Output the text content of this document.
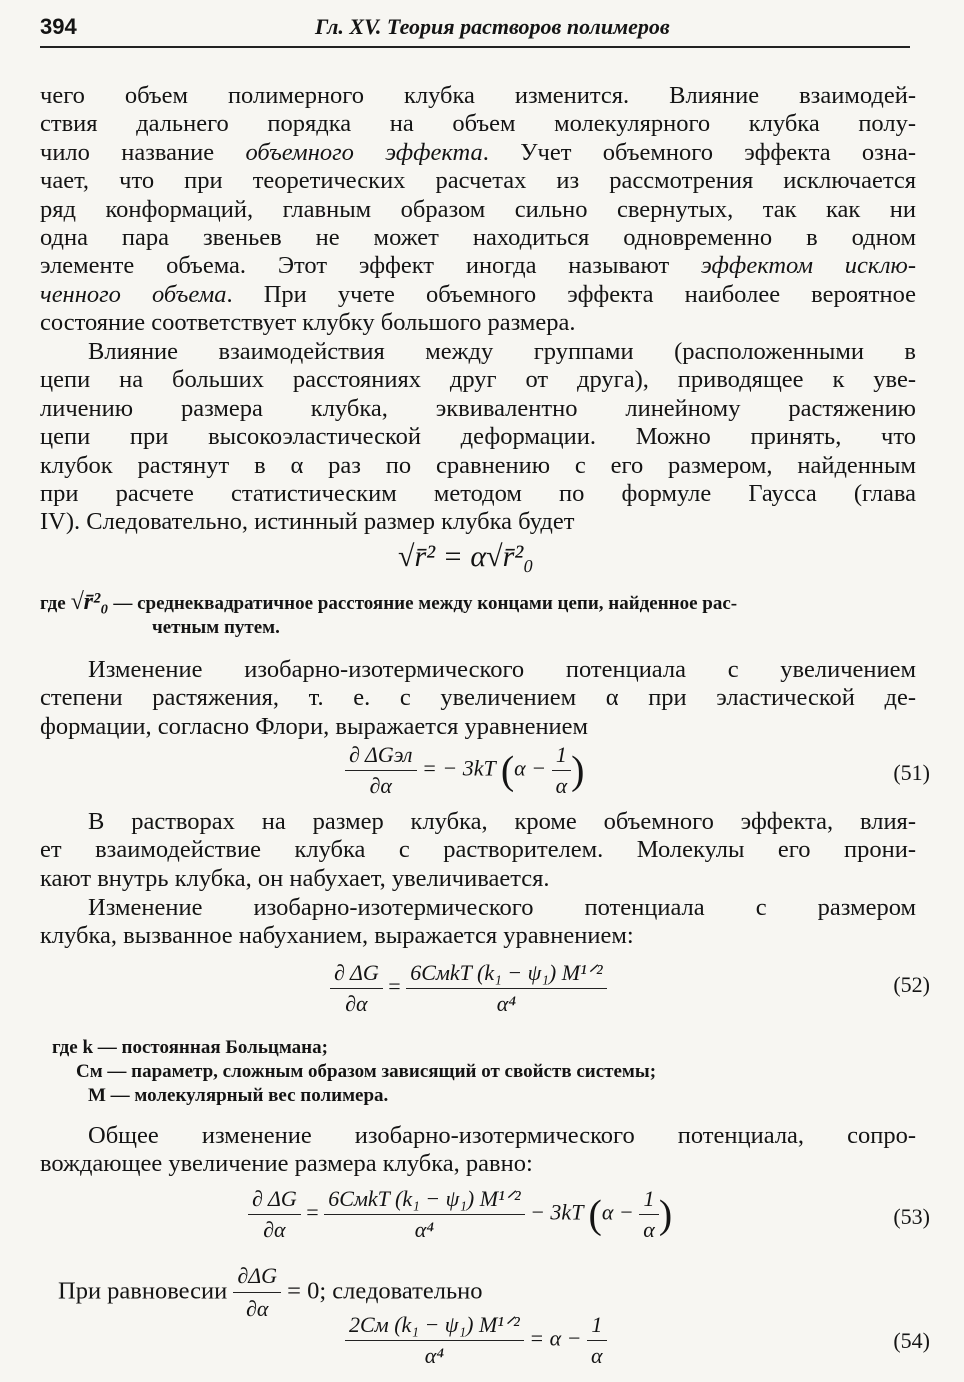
394	Гл. XV. Теория растворов полимеров
чего объем полимерного клубка изменится. Влияние взаимодей-
ствия дальнего порядка на объем молекулярного клубка полу-
чило название объемного эффекта. Учет объемного эффекта озна-
чает, что при теоретических расчетах из рассмотрения исключается
ряд конформаций, главным образом сильно свернутых, так как ни
одна пара звеньев не может находиться одновременно в одном
элементе объема. Этот эффект иногда называют эффектом исклю-
ченного объема. При учете объемного эффекта наиболее вероятное
состояние соответствует клубку большого размера.
Влияние взаимодействия между группами (расположенными в
цепи на больших расстояниях друг от друга), приводящее к уве-
личению размера клубка, эквивалентно линейному растяжению
цепи при высокоэластической деформации. Можно принять, что
клубок растянут в α раз по сравнению с его размером, найденным
при расчете статистическим методом по формуле Гаусса (глава
IV). Следовательно, истинный размер клубка будет
√r̄² = α√r̄²₀
где √r̄²₀ — среднеквадратичное расстояние между концами цепи, найденное рас-
четным путем.
Изменение изобарно-изотермического потенциала с увеличением
степени растяжения, т. е. с увеличением α при эластической де-
формации, согласно Флори, выражается уравнением
$\frac{\text{∂ ΔGэл}}{\partial\alpha}$ = − 3kT ($\alpha - \frac{1}{\alpha}$ )	(51)
В растворах на размер клубка, кроме объемного эффекта, влия-
ет взаимодействие клубка с растворителем. Молекулы его прони-
кают внутрь клубка, он набухает, увеличивается.
Изменение изобарно-изотермического потенциала с размером
клубка, вызванное набуханием, выражается уравнением:
$\frac{\partial \Delta G}{\partial\alpha} = \frac{\text{6CмkT (k₁ − ψ₁) M¹ᐟ²}}{\text{α⁴}}$	(52)
где k — постоянная Больцмана;
Cм — параметр, сложным образом зависящий от свойств системы;
M — молекулярный вес полимера.
Общее изменение изобарно-изотермического потенциала, сопро-
вождающее увеличение размера клубка, равно:
$\frac{\partial \Delta G}{\partial\alpha} = \frac{\text{6CмkT (k₁ − ψ₁) M¹ᐟ²}}{\text{α⁴}} - 3kT$ ($\alpha - \frac{1}{\alpha}$ )	(53)
При равновесии $\frac{\partial\Delta G}{\partial\alpha} = 0$; следовательно
$\frac{\text{2Cм (k₁ − ψ₁) M¹ᐟ²}}{\text{α⁴}} = \alpha - \frac{1}{\alpha}$	(54)
